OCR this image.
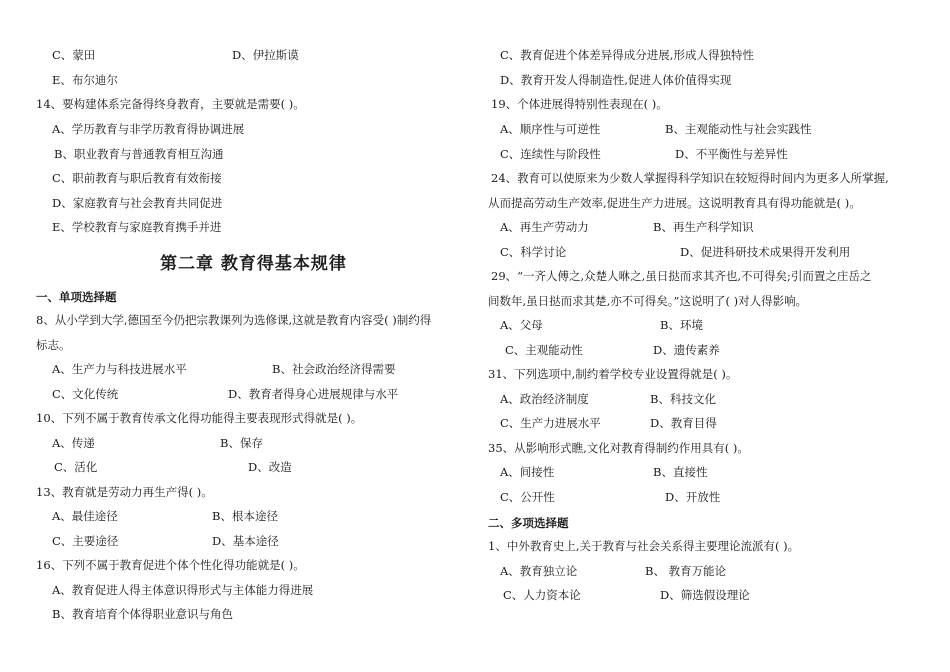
C、蒙田	D、伊拉斯谟
E、布尔迪尔
14、要构建体系完备得终身教育，主要就是需要( )。
A、学历教育与非学历教育得协调进展
B、职业教育与普通教育相互沟通
C、职前教育与职后教育有效衔接
D、家庭教育与社会教育共同促进
E、学校教育与家庭教育携手并进
第二章 教育得基本规律
一、单项选择题
8、从小学到大学,德国至今仍把宗教课列为选修课,这就是教育内容受( )制约得
标志。
A、生产力与科技进展水平	B、社会政治经济得需要
C、文化传统	D、教育者得身心进展规律与水平
10、下列不属于教育传承文化得功能得主要表现形式得就是( )。
A、传递	B、保存
C、活化	D、改造
13、教育就是劳动力再生产得( )。
A、最佳途径	B、根本途径
C、主要途径	D、基本途径
16、下列不属于教育促进个体个性化得功能就是( )。
A、教育促进人得主体意识得形式与主体能力得进展
B、教育培育个体得职业意识与角色
C、教育促进个体差异得成分进展,形成人得独特性
D、教育开发人得制造性,促进人体价值得实现
19、个体进展得特别性表现在( )。
A、顺序性与可逆性	B、主观能动性与社会实践性
C、连续性与阶段性	D、不平衡性与差异性
24、教育可以使原来为少数人掌握得科学知识在较短得时间内为更多人所掌握,
从而提高劳动生产效率,促进生产力进展。这说明教育具有得功能就是( )。
A、再生产劳动力	B、再生产科学知识
C、科学讨论	D、促进科研技术成果得开发利用
29、“一齐人傅之,众楚人咻之,虽日挞而求其齐也,不可得矣;引而置之庄岳之
间数年,虽日挞而求其楚,亦不可得矣。”这说明了( )对人得影响。
A、父母	B、环境
C、主观能动性	D、遗传素养
31、下列选项中,制约着学校专业设置得就是( )。
A、政治经济制度	B、科技文化
C、生产力进展水平	D、教育目得
35、从影响形式瞧,文化对教育得制约作用具有( )。
A、间接性	B、直接性
C、公开性	D、开放性
二、多项选择题
1、中外教育史上,关于教育与社会关系得主要理论流派有( )。
A、教育独立论	B、 教育万能论
C、人力资本论	D、筛选假设理论
